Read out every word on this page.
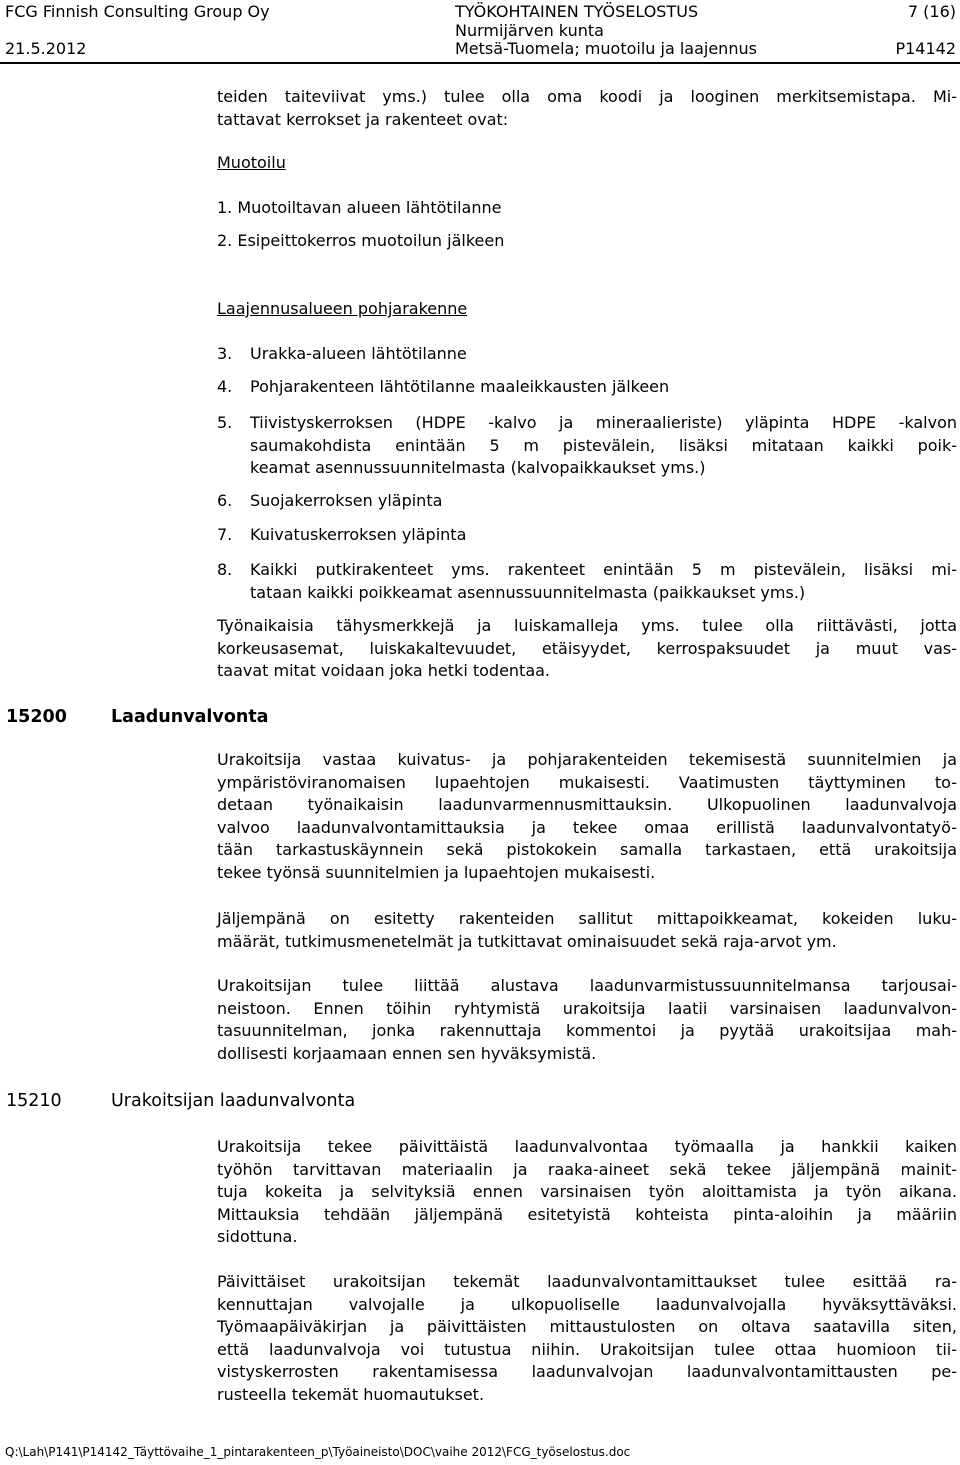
FCG Finnish Consulting Group Oy
21.5.2012
TYÖKOHTAINEN TYÖSELOSTUS
Nurmijärven kunta
Metsä-Tuomela; muotoilu ja laajennus
7 (16)
P14142
teiden taiteviivat yms.) tulee olla oma koodi ja looginen merkitsemistapa. Mi-
tattavat kerrokset ja rakenteet ovat:
Muotoilu
1. Muotoiltavan alueen lähtötilanne
2. Esipeittokerros muotoilun jälkeen
Laajennusalueen pohjarakenne
3. Urakka-alueen lähtötilanne
4. Pohjarakenteen lähtötilanne maaleikkausten jälkeen
5. Tiivistyskerroksen (HDPE -kalvo ja mineraalieriste) yläpinta HDPE -kalvon
saumakohdista enintään 5 m pistevälein, lisäksi mitataan kaikki poik-
keamat asennussuunnitelmasta (kalvopaikkaukset yms.)
6. Suojakerroksen yläpinta
7. Kuivatuskerroksen yläpinta
8. Kaikki putkirakenteet yms. rakenteet enintään 5 m pistevälein, lisäksi mi-
tataan kaikki poikkeamat asennussuunnitelmasta (paikkaukset yms.)
Työnaikaisia tähysmerkkejä ja luiskamalleja yms. tulee olla riittävästi, jotta
korkeusasemat, luiskakaltevuudet, etäisyydet, kerrospaksuudet ja muut vas-
taavat mitat voidaan joka hetki todentaa.
15200	Laadunvalvonta
Urakoitsija vastaa kuivatus- ja pohjarakenteiden tekemisestä suunnitelmien ja
ympäristöviranomaisen lupaehtojen mukaisesti. Vaatimusten täyttyminen to-
detaan työnaikaisin laadunvarmennusmittauksin. Ulkopuolinen laadunvalvoja
valvoo laadunvalvontamittauksia ja tekee omaa erillistä laadunvalvontatyö-
tään tarkastuskäynnein sekä pistokokein samalla tarkastaen, että urakoitsija
tekee työnsä suunnitelmien ja lupaehtojen mukaisesti.
Jäljempänä on esitetty rakenteiden sallitut mittapoikkeamat, kokeiden luku-
määrät, tutkimusmenetelmät ja tutkittavat ominaisuudet sekä raja-arvot ym.
Urakoitsijan tulee liittää alustava laadunvarmistussuunnitelmansa tarjousai-
neistoon. Ennen töihin ryhtymistä urakoitsija laatii varsinaisen laadunvalvon-
tasuunnitelman, jonka rakennuttaja kommentoi ja pyytää urakoitsijaa mah-
dollisesti korjaamaan ennen sen hyväksymistä.
15210	Urakoitsijan laadunvalvonta
Urakoitsija tekee päivittäistä laadunvalvontaa työmaalla ja hankkii kaiken
työhön tarvittavan materiaalin ja raaka-aineet sekä tekee jäljempänä mainit-
tuja kokeita ja selvityksiä ennen varsinaisen työn aloittamista ja työn aikana.
Mittauksia tehdään jäljempänä esitetyistä kohteista pinta-aloihin ja määriin
sidottuna.
Päivittäiset urakoitsijan tekemät laadunvalvontamittaukset tulee esittää ra-
kennuttajan valvojalle ja ulkopuoliselle laadunvalvojalla hyväksyttäväksi.
Työmaapäiväkirjan ja päivittäisten mittaustulosten on oltava saatavilla siten,
että laadunvalvoja voi tutustua niihin. Urakoitsijan tulee ottaa huomioon tii-
vistyskerrosten rakentamisessa laadunvalvojan laadunvalvontamittausten pe-
rusteella tekemät huomautukset.
Q:\Lah\P141\P14142_Täyttövaihe_1_pintarakenteen_p\Työaineisto\DOC\vaihe 2012\FCG_työselostus.doc
